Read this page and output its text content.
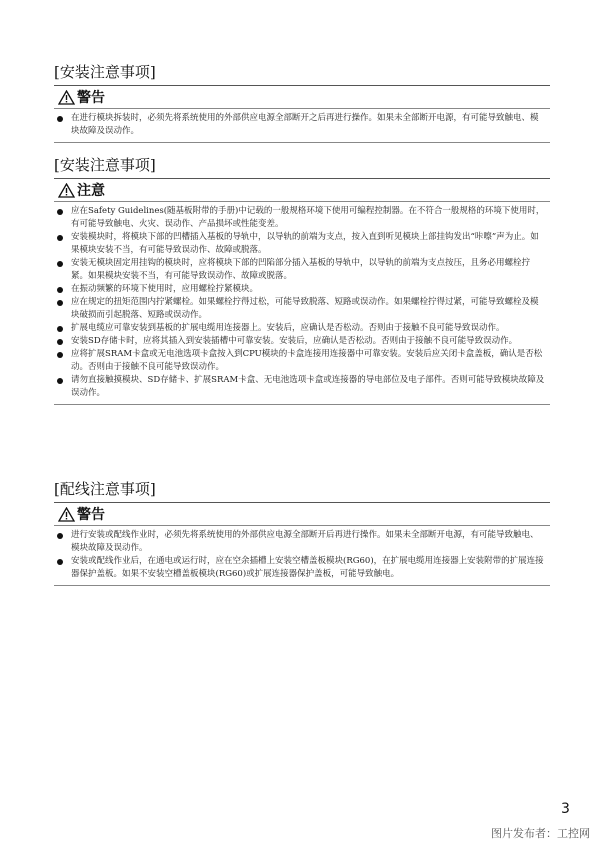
[安装注意事项]
警告
在进行模块拆装时，必须先将系统使用的外部供应电源全部断开之后再进行操作。如果未全部断开电源，有可能导致触电、模块故障及误动作。
[安装注意事项]
注意
应在Safety Guidelines(随基板附带的手册)中记载的一般规格环境下使用可编程控制器。在不符合一般规格的环境下使用时，有可能导致触电、火灾、误动作、产品损坏或性能变差。
安装模块时，将模块下部的凹槽插入基板的导轨中，以导轨的前端为支点，按入直到听见模块上部挂钩发出“咔嚓”声为止。如果模块安装不当，有可能导致误动作、故障或脱落。
安装无模块固定用挂钩的模块时，应将模块下部的凹陷部分插入基板的导轨中，以导轨的前端为支点按压，且务必用螺栓拧紧。如果模块安装不当，有可能导致误动作、故障或脱落。
在振动频繁的环境下使用时，应用螺栓拧紧模块。
应在规定的扭矩范围内拧紧螺栓。如果螺栓拧得过松，可能导致脱落、短路或误动作。如果螺栓拧得过紧，可能导致螺栓及模块破损而引起脱落、短路或误动作。
扩展电缆应可靠安装到基板的扩展电缆用连接器上。安装后，应确认是否松动。否则由于接触不良可能导致误动作。
安装SD存储卡时，应将其插入到安装插槽中可靠安装。安装后，应确认是否松动。否则由于接触不良可能导致误动作。
应将扩展SRAM卡盒或无电池选项卡盒按入到CPU模块的卡盒连接用连接器中可靠安装。安装后应关闭卡盒盖板，确认是否松动。否则由于接触不良可能导致误动作。
请勿直接触摸模块、SD存储卡、扩展SRAM卡盒、无电池选项卡盒或连接器的导电部位及电子部件。否则可能导致模块故障及误动作。
[配线注意事项]
警告
进行安装或配线作业时，必须先将系统使用的外部供应电源全部断开后再进行操作。如果未全部断开电源，有可能导致触电、模块故障及误动作。
安装或配线作业后，在通电或运行时，应在空余插槽上安装空槽盖板模块(RG60)，在扩展电缆用连接器上安装附带的扩展连接器保护盖板。如果不安装空槽盖板模块(RG60)或扩展连接器保护盖板，可能导致触电。
3
图片发布者：工控网
